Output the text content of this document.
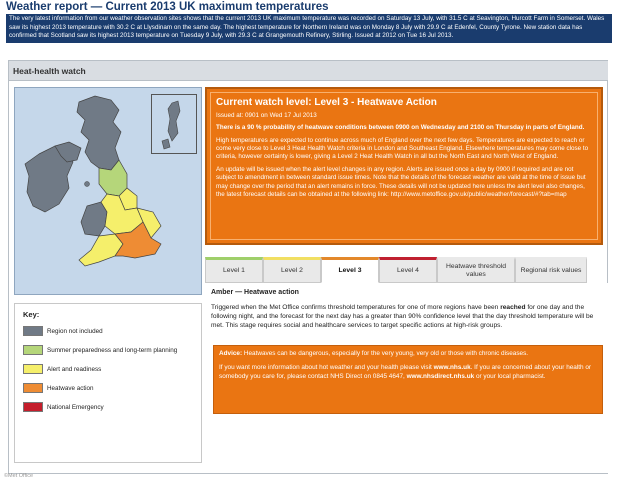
Weather report — Current 2013 UK maximum temperatures
The very latest information from our weather observation sites shows that the current 2013 UK maximum temperature was recorded on Saturday 13 July, with 31.5 C at Seavington, Hurcott Farm in Somerset. Wales saw its highest 2013 temperature with 30.2 C at Llysdinam on the same day. The highest temperature for Northern Ireland was on Monday 8 July with 29.9 C at Edenfel, County Tyrone. New station data has confirmed that Scotland saw its highest 2013 temperature on Tuesday 9 July, with 29.3 C at Grangemouth Refinery, Stirling. Issued at 2012 on Tue 16 Jul 2013.
Heat-health watch
Key:
Region not included
Summer preparedness and long-term planning
Alert and readiness
Heatwave action
National Emergency
Current watch level: Level 3 - Heatwave Action
Issued at: 0901 on Wed 17 Jul 2013
There is a 90 % probability of heatwave conditions between 0900 on Wednesday and 2100 on Thursday in parts of England.
High temperatures are expected to continue across much of England over the next few days. Temperatures are expected to reach or come very close to Level 3 Heat Health Watch criteria in London and Southeast England. Elsewhere temperatures may come close to criteria, however certainty is lower, giving a Level 2 Heat Health Watch in all but the North East and North West of England.
An update will be issued when the alert level changes in any region. Alerts are issued once a day by 0900 if required and are not subject to amendment in between standard issue times. Note that the details of the forecast weather are valid at the time of issue but may change over the period that an alert remains in force. These details will not be updated here unless the alert level also changes, the latest forecast details can be obtained at the following link: http://www.metoffice.gov.uk/public/weather/forecast/#?tab=map
Level 1	Level 2	Level 3	Level 4
Heatwave threshold values
Regional risk values
Amber — Heatwave action
Triggered when the Met Office confirms threshold temperatures for one of more regions have been reached for one day and the following night, and the forecast for the next day has a greater than 90% confidence level that the day threshold temperature will be met. This stage requires social and healthcare services to target specific actions at high-risk groups.
Advice: Heatwaves can be dangerous, especially for the very young, very old or those with chronic diseases.
If you want more information about hot weather and your health please visit www.nhs.uk. If you are concerned about your health or somebody you care for, please contact NHS Direct on 0845 4647, www.nhsdirect.nhs.uk or your local pharmacist.
©Met Office
